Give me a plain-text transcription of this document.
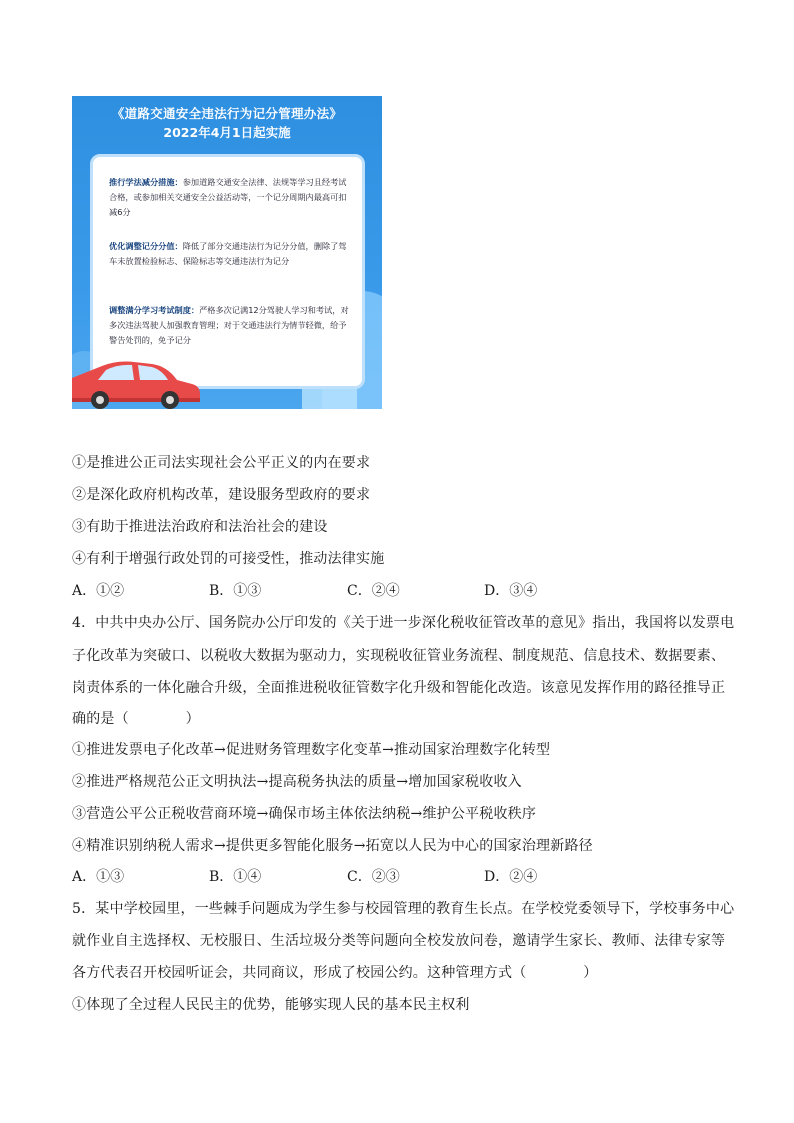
《道路交通安全违法行为记分管理办法》
2022年4月1日起实施
推行学法减分措施：参加道路交通安全法律、法规等学习且经考试合格，或参加相关交通安全公益活动等，一个记分周期内最高可扣减6分
优化调整记分分值：降低了部分交通违法行为记分分值，删除了驾车未放置检验标志、保险标志等交通违法行为记分
调整满分学习考试制度：严格多次记满12分驾驶人学习和考试，对多次违法驾驶人加强教育管理；对于交通违法行为情节轻微，给予警告处罚的，免予记分
①是推进公正司法实现社会公平正义的内在要求
②是深化政府机构改革，建设服务型政府的要求
③有助于推进法治政府和法治社会的建设
④有利于增强行政处罚的可接受性，推动法律实施
A．①②	B．①③	C．②④	D．③④
4．中共中央办公厅、国务院办公厅印发的《关于进一步深化税收征管改革的意见》指出，我国将以发票电
子化改革为突破口、以税收大数据为驱动力，实现税收征管业务流程、制度规范、信息技术、数据要素、
岗责体系的一体化融合升级，全面推进税收征管数字化升级和智能化改造。该意见发挥作用的路径推导正
确的是（　　　　）
①推进发票电子化改革→促进财务管理数字化变革→推动国家治理数字化转型
②推进严格规范公正文明执法→提高税务执法的质量→增加国家税收收入
③营造公平公正税收营商环境→确保市场主体依法纳税→维护公平税收秩序
④精准识别纳税人需求→提供更多智能化服务→拓宽以人民为中心的国家治理新路径
A．①③	B．①④	C．②③	D．②④
5．某中学校园里，一些棘手问题成为学生参与校园管理的教育生长点。在学校党委领导下，学校事务中心
就作业自主选择权、无校服日、生活垃圾分类等问题向全校发放问卷，邀请学生家长、教师、法律专家等
各方代表召开校园听证会，共同商议，形成了校园公约。这种管理方式（　　　　）
①体现了全过程人民民主的优势，能够实现人民的基本民主权利
